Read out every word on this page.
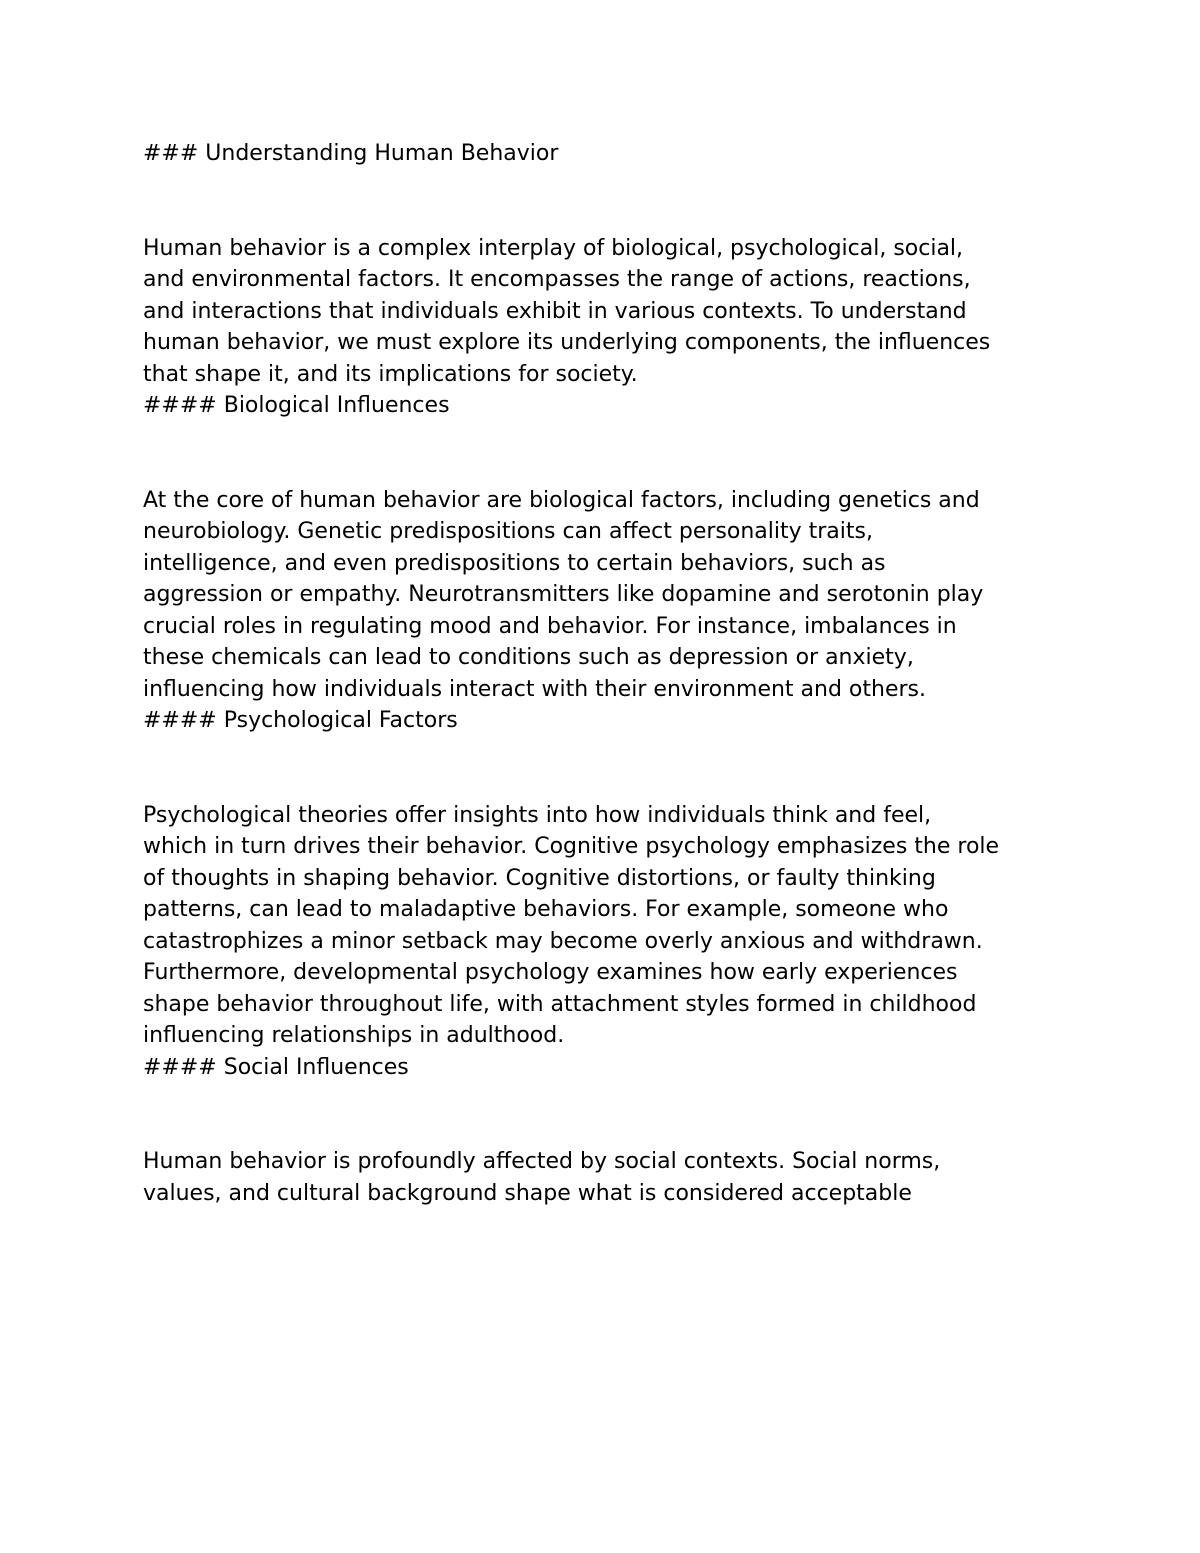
### Understanding Human Behavior

Human behavior is a complex interplay of biological, psychological, social,

and environmental factors. It encompasses the range of actions, reactions,

and interactions that individuals exhibit in various contexts. To understand

human behavior, we must explore its underlying components, the influences

that shape it, and its implications for society.

#### Biological Influences

At the core of human behavior are biological factors, including genetics and

neurobiology. Genetic predispositions can affect personality traits,

intelligence, and even predispositions to certain behaviors, such as

aggression or empathy. Neurotransmitters like dopamine and serotonin play

crucial roles in regulating mood and behavior. For instance, imbalances in

these chemicals can lead to conditions such as depression or anxiety,

influencing how individuals interact with their environment and others.

#### Psychological Factors

Psychological theories offer insights into how individuals think and feel,

which in turn drives their behavior. Cognitive psychology emphasizes the role

of thoughts in shaping behavior. Cognitive distortions, or faulty thinking

patterns, can lead to maladaptive behaviors. For example, someone who

catastrophizes a minor setback may become overly anxious and withdrawn.

Furthermore, developmental psychology examines how early experiences

shape behavior throughout life, with attachment styles formed in childhood

influencing relationships in adulthood.

#### Social Influences

Human behavior is profoundly affected by social contexts. Social norms,

values, and cultural background shape what is considered acceptable
